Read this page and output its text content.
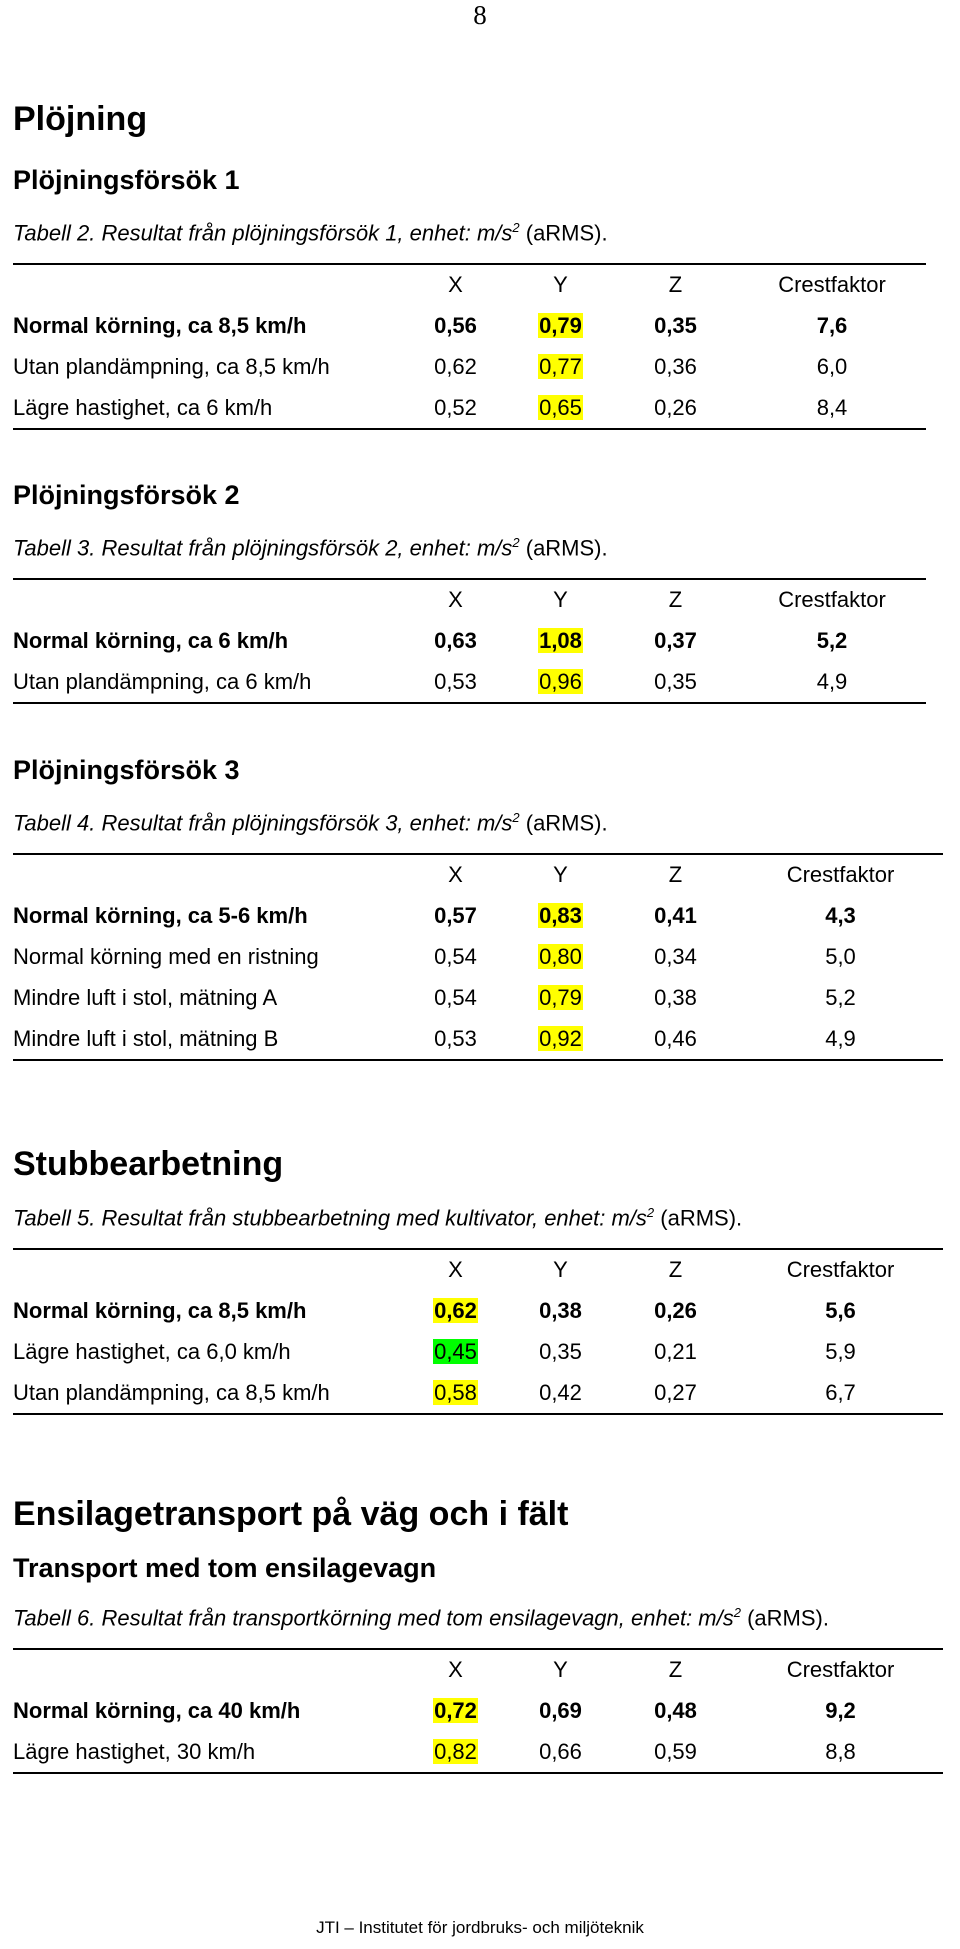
8
Plöjning
Plöjningsförsök 1
Tabell 2. Resultat från plöjningsförsök 1, enhet: $m/s^2$ (aRMS).
	X	Y	Z	Crestfaktor
Normal körning, ca 8,5 km/h	0,56	0,79	0,35	7,6
Utan plandämpning, ca 8,5 km/h	0,62	0,77	0,36	6,0
Lägre hastighet, ca 6 km/h	0,52	0,65	0,26	8,4
Plöjningsförsök 2
Tabell 3. Resultat från plöjningsförsök 2, enhet: $m/s^2$ (aRMS).
	X	Y	Z	Crestfaktor
Normal körning, ca 6 km/h	0,63	1,08	0,37	5,2
Utan plandämpning, ca 6 km/h	0,53	0,96	0,35	4,9
Plöjningsförsök 3
Tabell 4. Resultat från plöjningsförsök 3, enhet: $m/s^2$ (aRMS).
	X	Y	Z	Crestfaktor
Normal körning, ca 5-6 km/h	0,57	0,83	0,41	4,3
Normal körning med en ristning	0,54	0,80	0,34	5,0
Mindre luft i stol, mätning A	0,54	0,79	0,38	5,2
Mindre luft i stol, mätning B	0,53	0,92	0,46	4,9
Stubbearbetning
Tabell 5. Resultat från stubbearbetning med kultivator, enhet: $m/s^2$ (aRMS).
	X	Y	Z	Crestfaktor
Normal körning, ca 8,5 km/h	0,62	0,38	0,26	5,6
Lägre hastighet, ca 6,0 km/h	0,45	0,35	0,21	5,9
Utan plandämpning, ca 8,5 km/h	0,58	0,42	0,27	6,7
Ensilagetransport på väg och i fält
Transport med tom ensilagevagn
Tabell 6. Resultat från transportkörning med tom ensilagevagn, enhet: $m/s^2$ (aRMS).
	X	Y	Z	Crestfaktor
Normal körning, ca 40 km/h	0,72	0,69	0,48	9,2
Lägre hastighet, 30 km/h	0,82	0,66	0,59	8,8
JTI – Institutet för jordbruks- och miljöteknik
